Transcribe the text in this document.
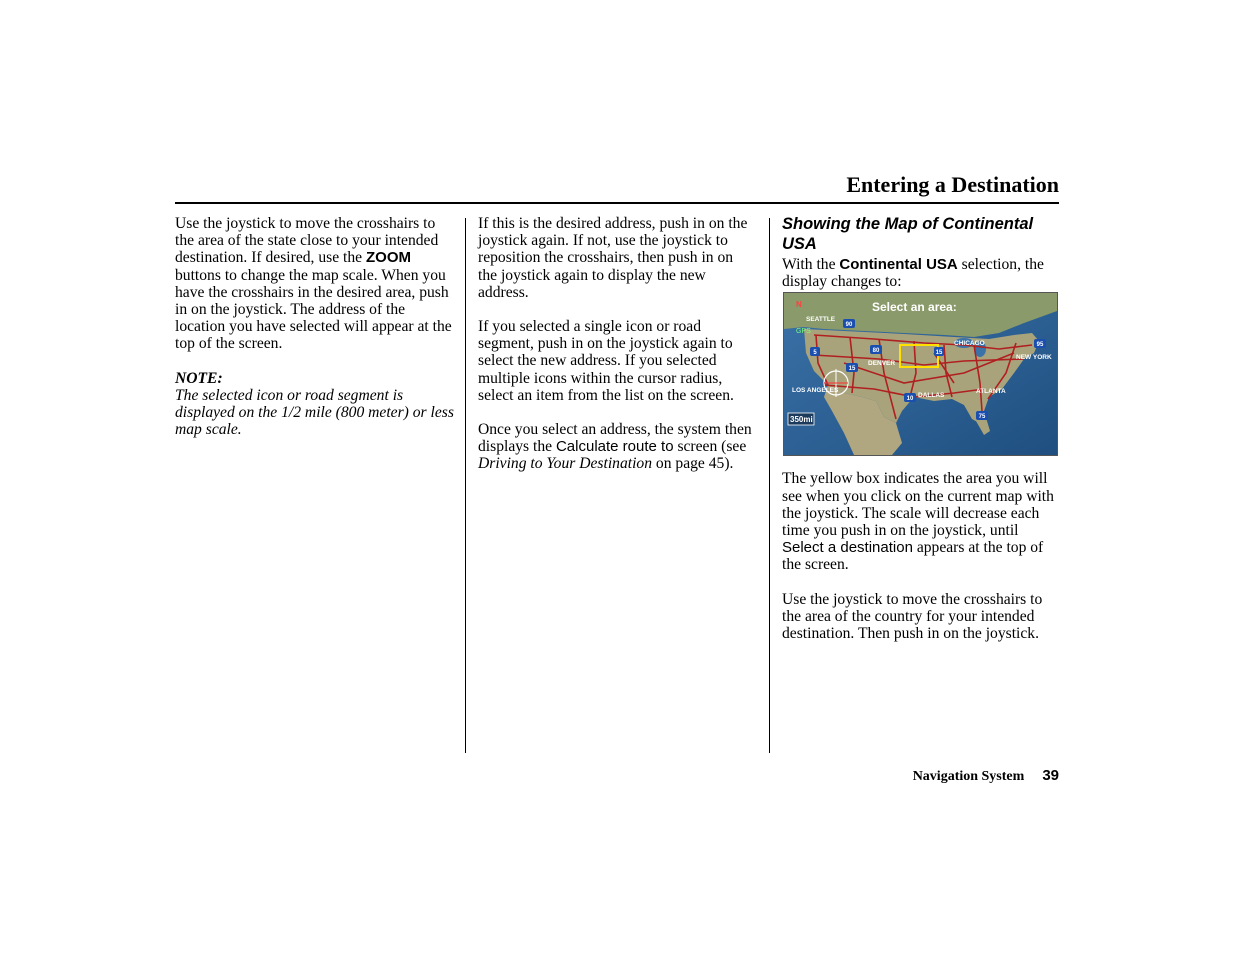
Entering a Destination

Use the joystick to move the crosshairs to the area of the state close to your intended destination. If desired, use the ZOOM buttons to change the map scale. When you have the crosshairs in the desired area, push in on the joystick. The address of the location you have selected will appear at the top of the screen.

NOTE:
The selected icon or road segment is displayed on the 1/2 mile (800 meter) or less map scale.

If this is the desired address, push in on the joystick again. If not, use the joystick to reposition the crosshairs, then push in on the joystick again to display the new address.

If you selected a single icon or road segment, push in on the joystick again to select the new address. If you selected multiple icons within the cursor radius, select an item from the list on the screen.

Once you select an address, the system then displays the Calculate route to screen (see Driving to Your Destination on page 45).

Showing the Map of Continental USA

With the Continental USA selection, the display changes to:

Select an area:
N
GPS
350mi
SEATTLE
DENVER
CHICAGO
NEW YORK
LOS ANGELES
DALLAS
ATLANTA
90
5	80
15
10
75
95
15

The yellow box indicates the area you will see when you click on the current map with the joystick. The scale will decrease each time you push in on the joystick, until Select a destination appears at the top of the screen.

Use the joystick to move the crosshairs to the area of the country for your intended destination. Then push in on the joystick.

Navigation System 39
